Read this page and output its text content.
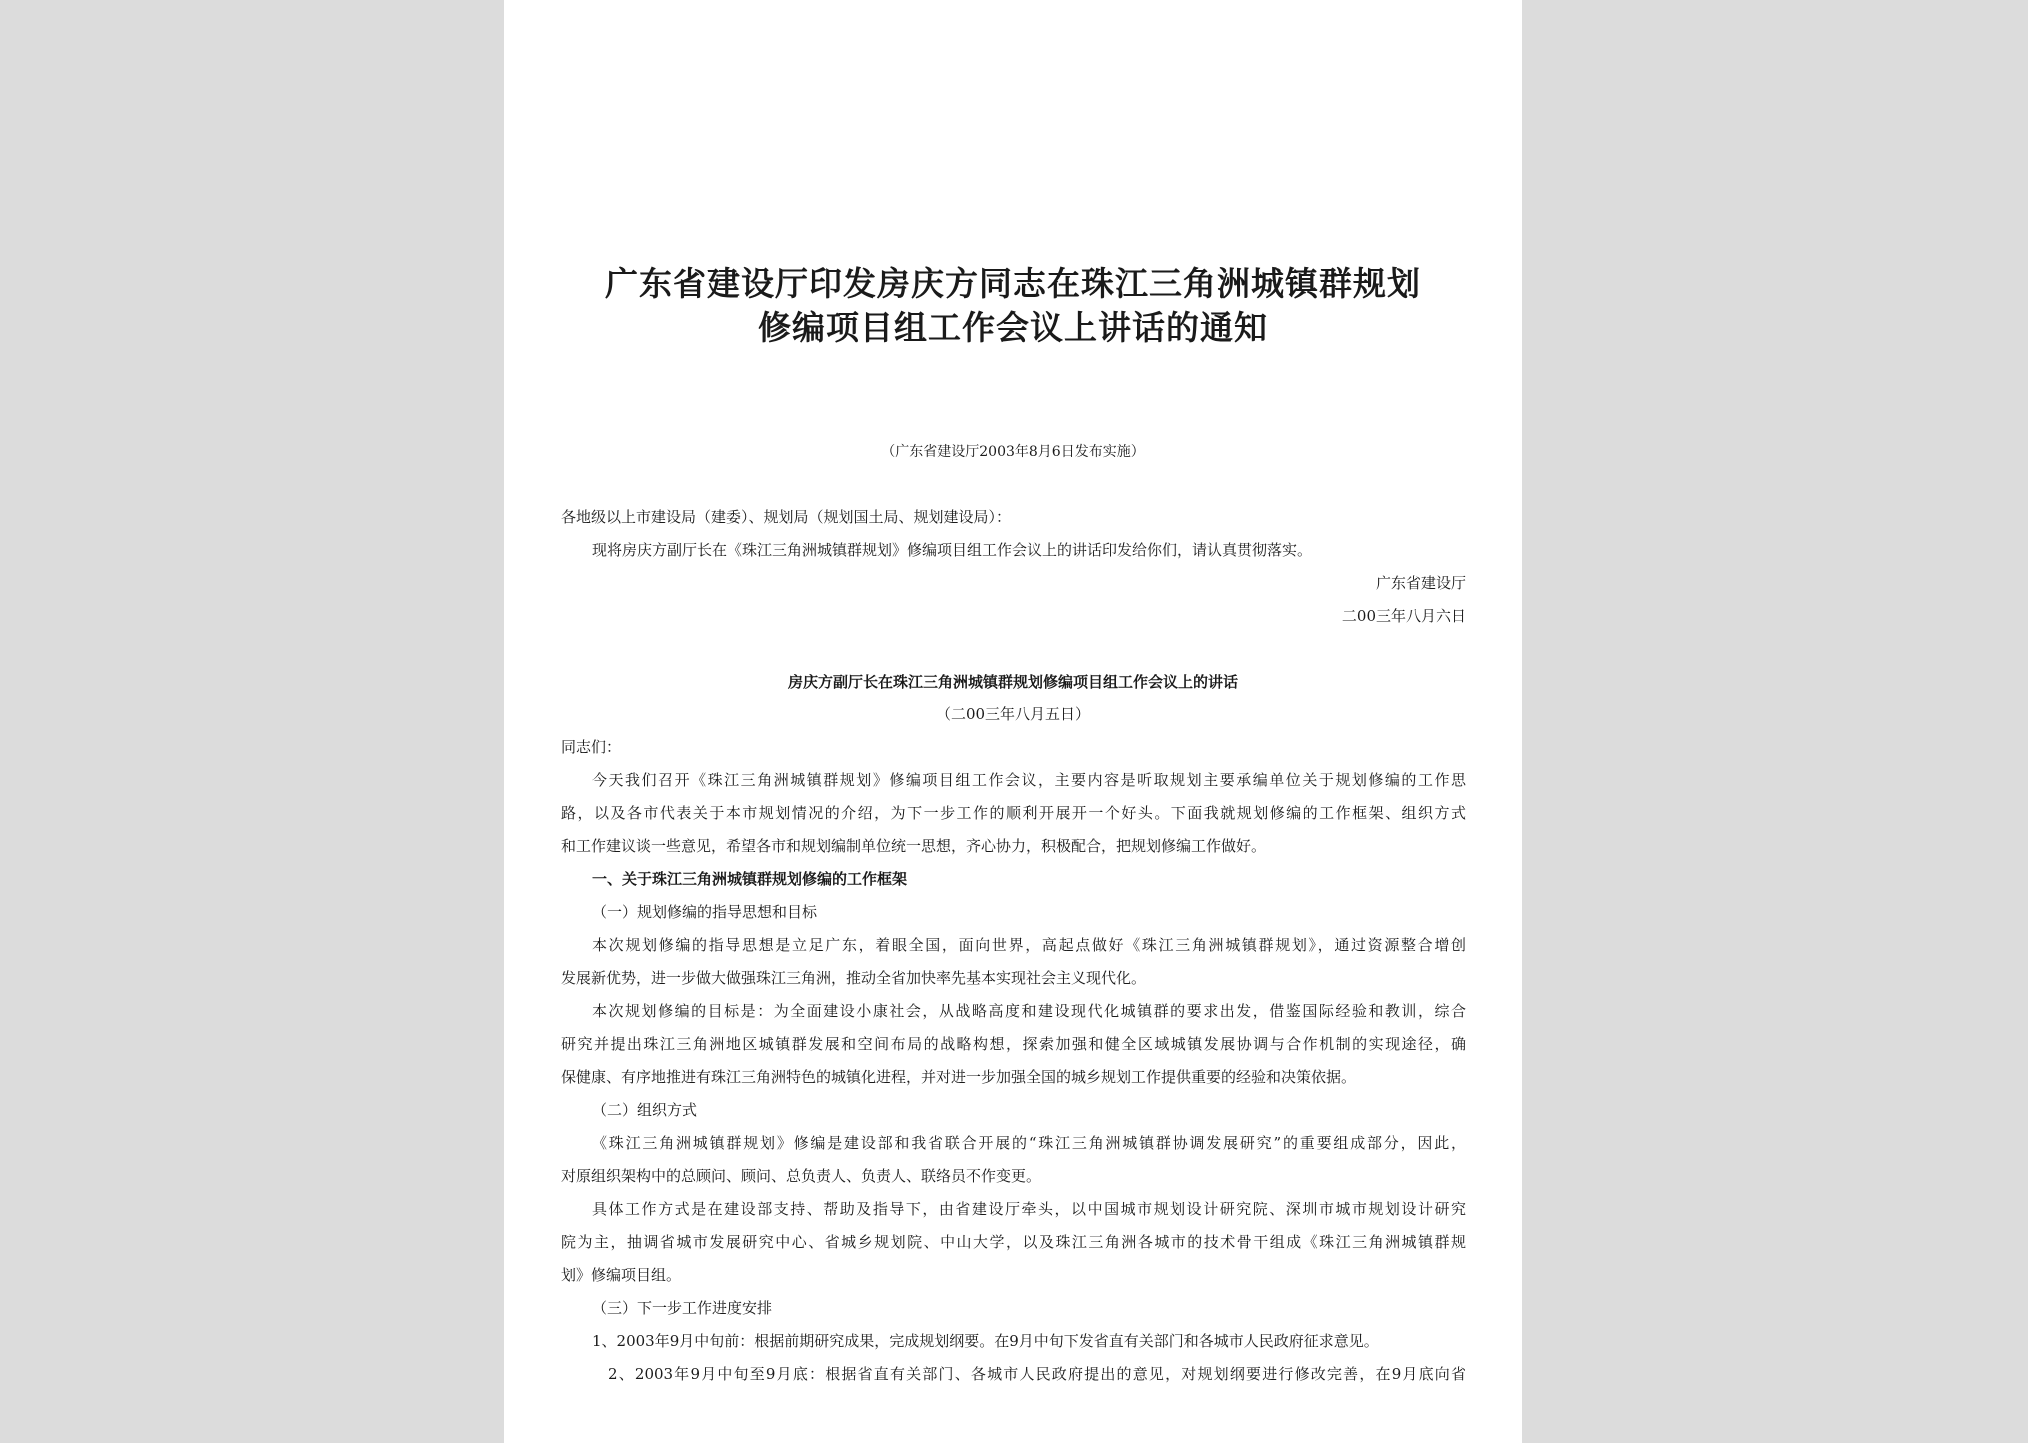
广东省建设厅印发房庆方同志在珠江三角洲城镇群规划
修编项目组工作会议上讲话的通知
（广东省建设厅2003年8月6日发布实施）
各地级以上市建设局（建委）、规划局（规划国土局、规划建设局）：
现将房庆方副厅长在《珠江三角洲城镇群规划》修编项目组工作会议上的讲话印发给你们，请认真贯彻落实。
广东省建设厅
二00三年八月六日
房庆方副厅长在珠江三角洲城镇群规划修编项目组工作会议上的讲话
（二00三年八月五日）
同志们：
今天我们召开《珠江三角洲城镇群规划》修编项目组工作会议，主要内容是听取规划主要承编单位关于规划修编的工作思
路，以及各市代表关于本市规划情况的介绍，为下一步工作的顺利开展开一个好头。下面我就规划修编的工作框架、组织方式
和工作建议谈一些意见，希望各市和规划编制单位统一思想，齐心协力，积极配合，把规划修编工作做好。
一、关于珠江三角洲城镇群规划修编的工作框架
（一）规划修编的指导思想和目标
本次规划修编的指导思想是立足广东，着眼全国，面向世界，高起点做好《珠江三角洲城镇群规划》，通过资源整合增创
发展新优势，进一步做大做强珠江三角洲，推动全省加快率先基本实现社会主义现代化。
本次规划修编的目标是：为全面建设小康社会，从战略高度和建设现代化城镇群的要求出发，借鉴国际经验和教训，综合
研究并提出珠江三角洲地区城镇群发展和空间布局的战略构想，探索加强和健全区域城镇发展协调与合作机制的实现途径，确
保健康、有序地推进有珠江三角洲特色的城镇化进程，并对进一步加强全国的城乡规划工作提供重要的经验和决策依据。
（二）组织方式
《珠江三角洲城镇群规划》修编是建设部和我省联合开展的“珠江三角洲城镇群协调发展研究”的重要组成部分，因此，
对原组织架构中的总顾问、顾问、总负责人、负责人、联络员不作变更。
具体工作方式是在建设部支持、帮助及指导下，由省建设厅牵头，以中国城市规划设计研究院、深圳市城市规划设计研究
院为主，抽调省城市发展研究中心、省城乡规划院、中山大学，以及珠江三角洲各城市的技术骨干组成《珠江三角洲城镇群规
划》修编项目组。
（三）下一步工作进度安排
1、2003年9月中旬前：根据前期研究成果，完成规划纲要。在9月中旬下发省直有关部门和各城市人民政府征求意见。
2、2003年9月中旬至9月底：根据省直有关部门、各城市人民政府提出的意见，对规划纲要进行修改完善，在9月底向省
